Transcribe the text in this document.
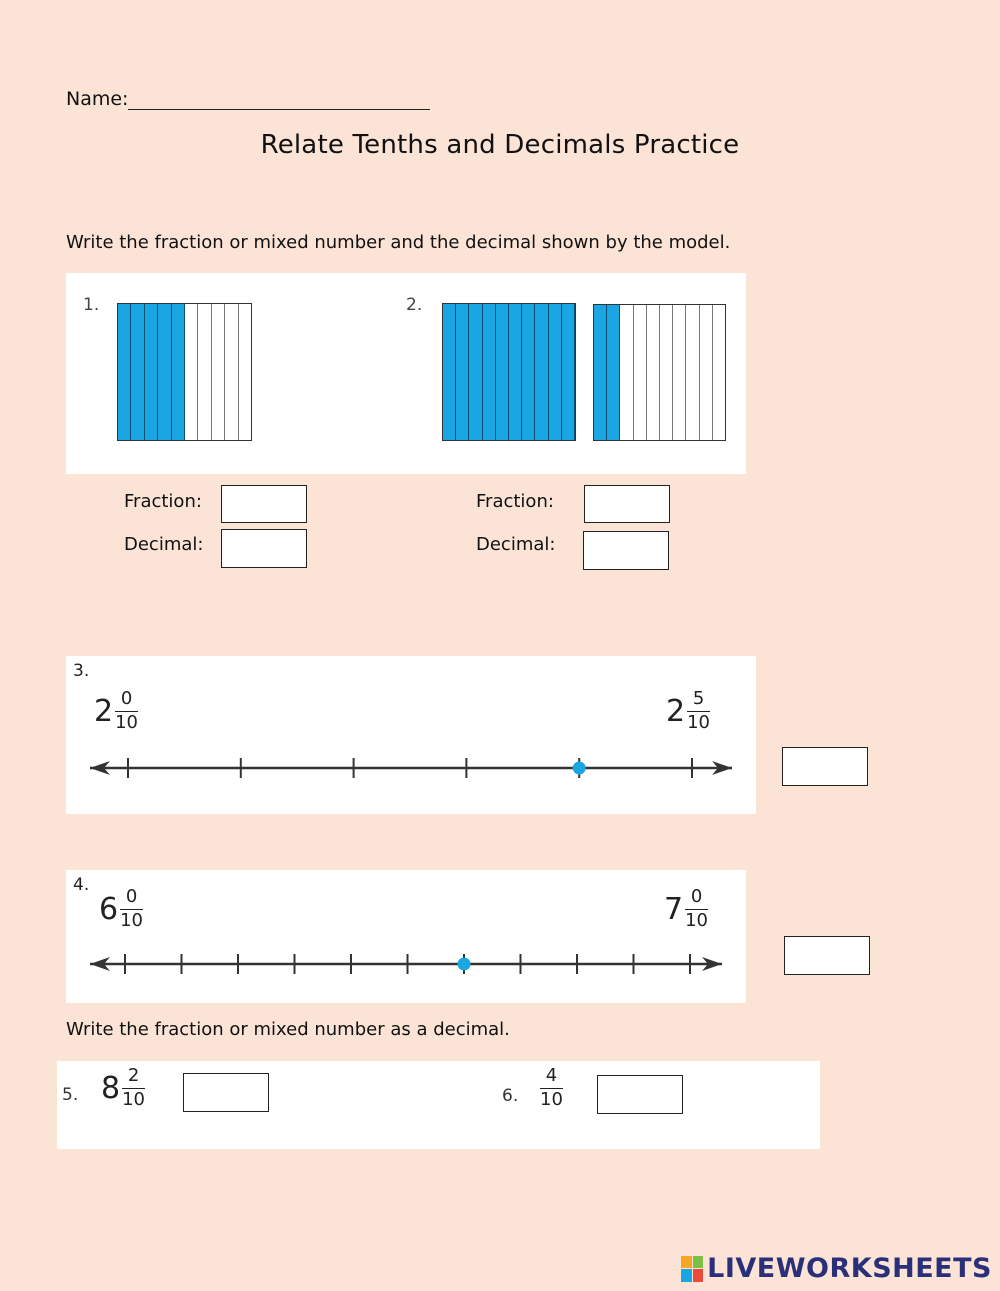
Name:
Relate Tenths and Decimals Practice
Write the fraction or mixed number and the decimal shown by the model.
1.	2.
Fraction:
Decimal:
Fraction:
Decimal:
3.
2 0
10	2 5
10
4.
6 0
10	7 0
10
Write the fraction or mixed number as a decimal.
5. 8 2
10	6.
4
10
LIVEWORKSHEETS
